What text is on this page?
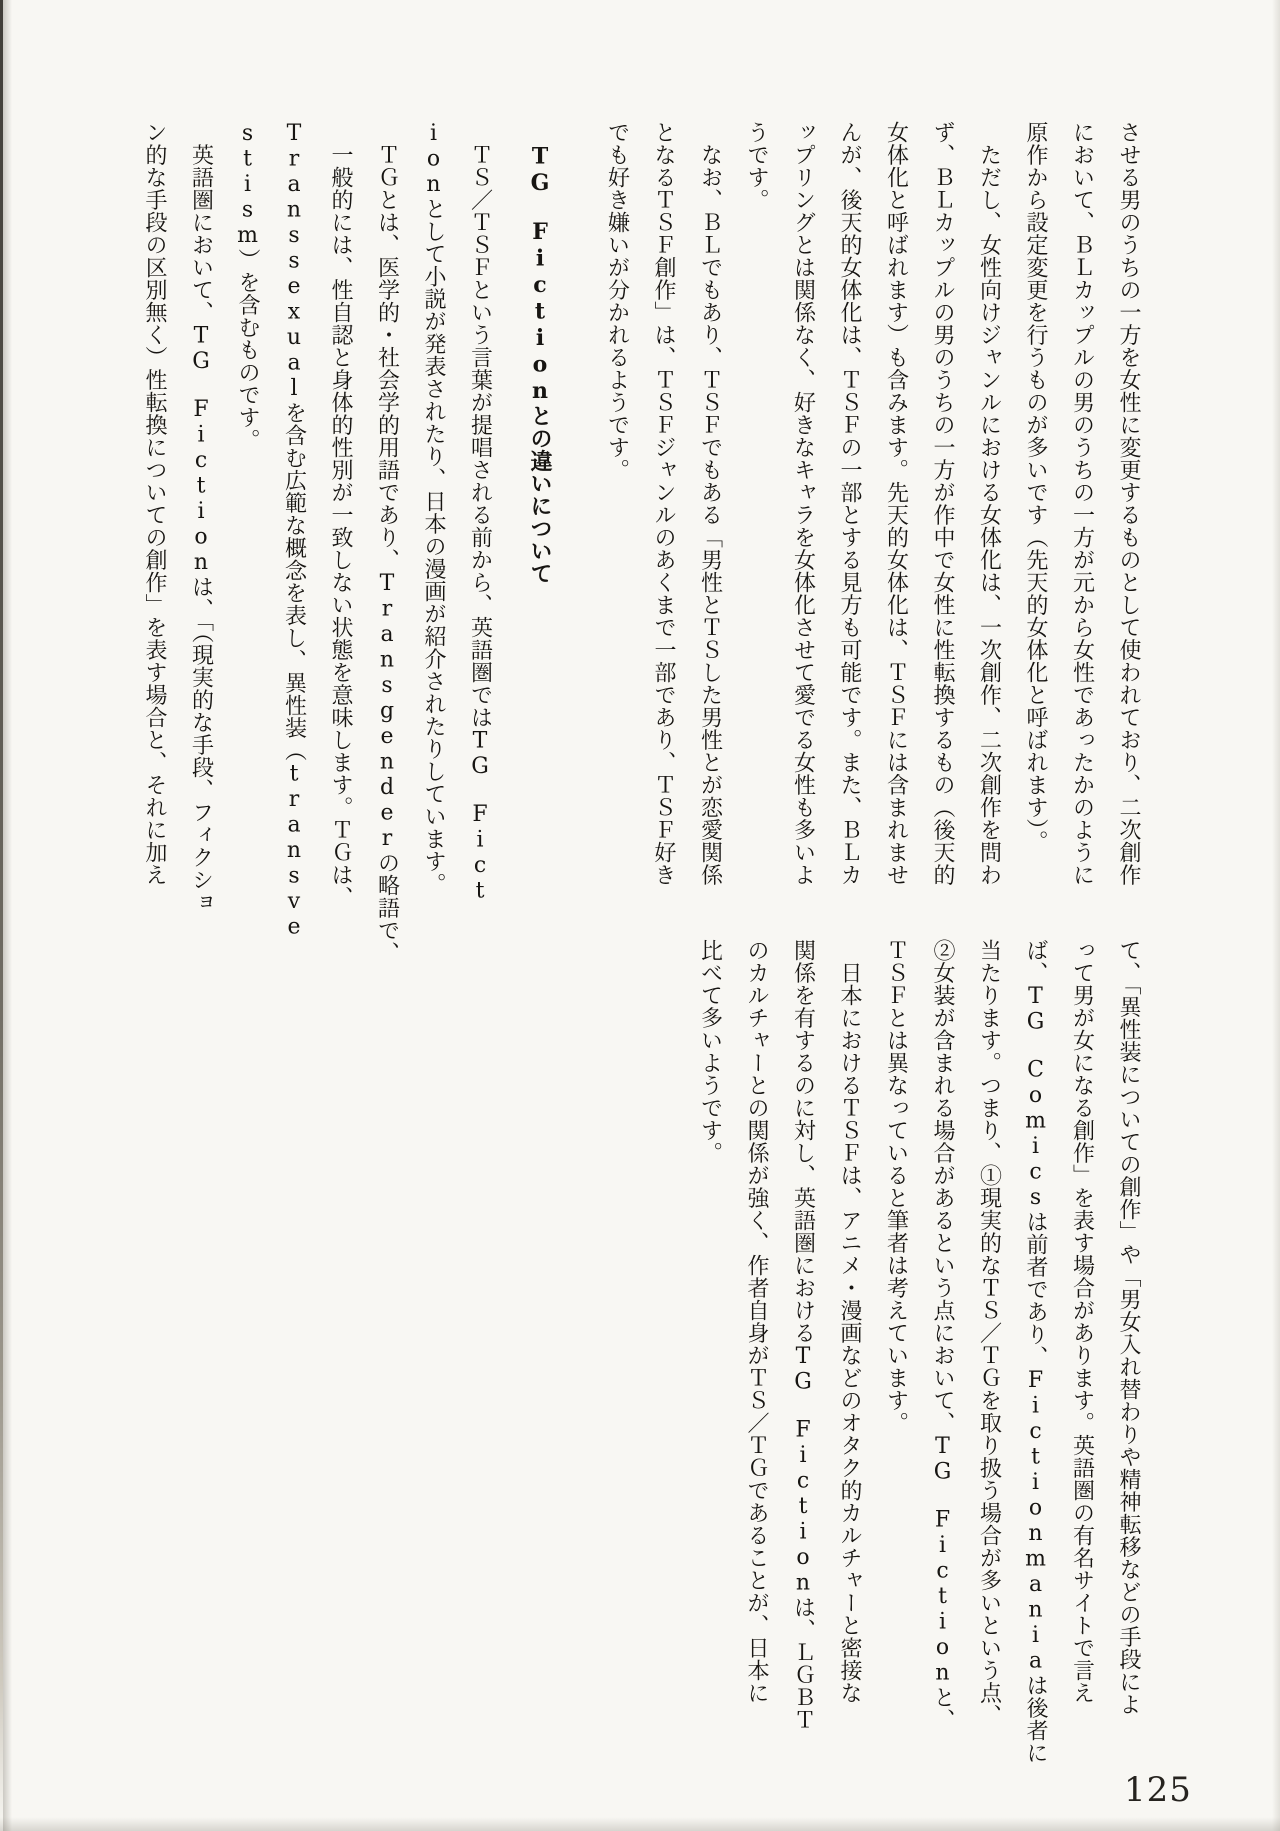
させる男のうちの一方を女性に変更するものとして使われており、二次創作
において、ＢＬカップルの男のうちの一方が元から女性であったかのように
原作から設定変更を行うものが多いです（先天的女体化と呼ばれます）。
　ただし、女性向けジャンルにおける女体化は、一次創作、二次創作を問わ
ず、ＢＬカップルの男のうちの一方が作中で女性に性転換するもの（後天的
女体化と呼ばれます）も含みます。先天的女体化は、ＴＳＦには含まれませ
んが、後天的女体化は、ＴＳＦの一部とする見方も可能です。また、ＢＬカ
ップリングとは関係なく、好きなキャラを女体化させて愛でる女性も多いよ
うです。
　なお、ＢＬでもあり、ＴＳＦでもある「男性とＴＳした男性とが恋愛関係
となるＴＳＦ創作」は、ＴＳＦジャンルのあくまで一部であり、ＴＳＦ好き
でも好き嫌いが分かれるようです。
　TG　Fictionとの違いについて
　ＴＳ／ＴＳＦという言葉が提唱される前から、英語圏ではTG　Fict
ionとして小説が発表されたり、日本の漫画が紹介されたりしています。
　ＴＧとは、医学的・社会学的用語であり、Transgenderの略語で、
　一般的には、性自認と身体的性別が一致しない状態を意味します。ＴＧは、
Transsexualを含む広範な概念を表し、異性装（transve
stism）を含むものです。
　英語圏において、TG　Fictionは、「（現実的な手段、フィクショ
ン的な手段の区別無く）性転換についての創作」を表す場合と、それに加え
て、「異性装についての創作」や「男女入れ替わりや精神転移などの手段によ
って男が女になる創作」を表す場合があります。英語圏の有名サイトで言え
ば、TG　Comicsは前者であり、Fictionmaniaは後者に
当たります。つまり、①現実的なＴＳ／ＴＧを取り扱う場合が多いという点、
②女装が含まれる場合があるという点において、TG　Fictionと、
ＴＳＦとは異なっていると筆者は考えています。
　日本におけるＴＳＦは、アニメ・漫画などのオタク的カルチャーと密接な
関係を有するのに対し、英語圏におけるTG　Fictionは、ＬＧＢＴ
のカルチャーとの関係が強く、作者自身がＴＳ／ＴＧであることが、日本に
比べて多いようです。
125
